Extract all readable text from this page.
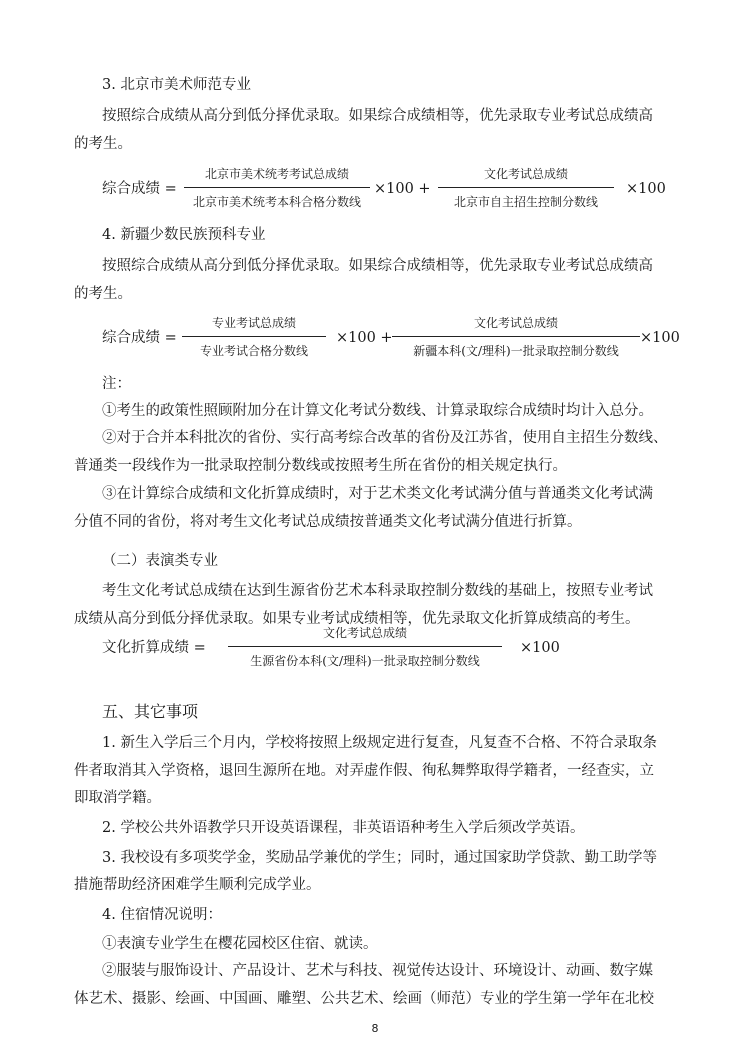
3. 北京市美术师范专业
按照综合成绩从高分到低分择优录取。如果综合成绩相等，优先录取专业考试总成绩高
的考生。
综合成绩 =
北京市美术统考考试总成绩
北京市美术统考本科合格分数线
×100 +
文化考试总成绩
北京市自主招生控制分数线
×100
4. 新疆少数民族预科专业
按照综合成绩从高分到低分择优录取。如果综合成绩相等，优先录取专业考试总成绩高
的考生。
综合成绩 =
专业考试总成绩
专业考试合格分数线
×100 +
文化考试总成绩
新疆本科(文/理科)一批录取控制分数线
×100
注：
①考生的政策性照顾附加分在计算文化考试分数线、计算录取综合成绩时均计入总分。
②对于合并本科批次的省份、实行高考综合改革的省份及江苏省，使用自主招生分数线、
普通类一段线作为一批录取控制分数线或按照考生所在省份的相关规定执行。
③在计算综合成绩和文化折算成绩时，对于艺术类文化考试满分值与普通类文化考试满
分值不同的省份，将对考生文化考试总成绩按普通类文化考试满分值进行折算。
（二）表演类专业
考生文化考试总成绩在达到生源省份艺术本科录取控制分数线的基础上，按照专业考试
成绩从高分到低分择优录取。如果专业考试成绩相等，优先录取文化折算成绩高的考生。
文化折算成绩 =
文化考试总成绩
生源省份本科(文/理科)一批录取控制分数线
×100
五、其它事项
1. 新生入学后三个月内，学校将按照上级规定进行复查，凡复查不合格、不符合录取条
件者取消其入学资格，退回生源所在地。对弄虚作假、徇私舞弊取得学籍者，一经查实，立
即取消学籍。
2. 学校公共外语教学只开设英语课程，非英语语种考生入学后须改学英语。
3. 我校设有多项奖学金，奖励品学兼优的学生；同时，通过国家助学贷款、勤工助学等
措施帮助经济困难学生顺利完成学业。
4. 住宿情况说明：
①表演专业学生在樱花园校区住宿、就读。
②服装与服饰设计、产品设计、艺术与科技、视觉传达设计、环境设计、动画、数字媒
体艺术、摄影、绘画、中国画、雕塑、公共艺术、绘画（师范）专业的学生第一学年在北校
8
